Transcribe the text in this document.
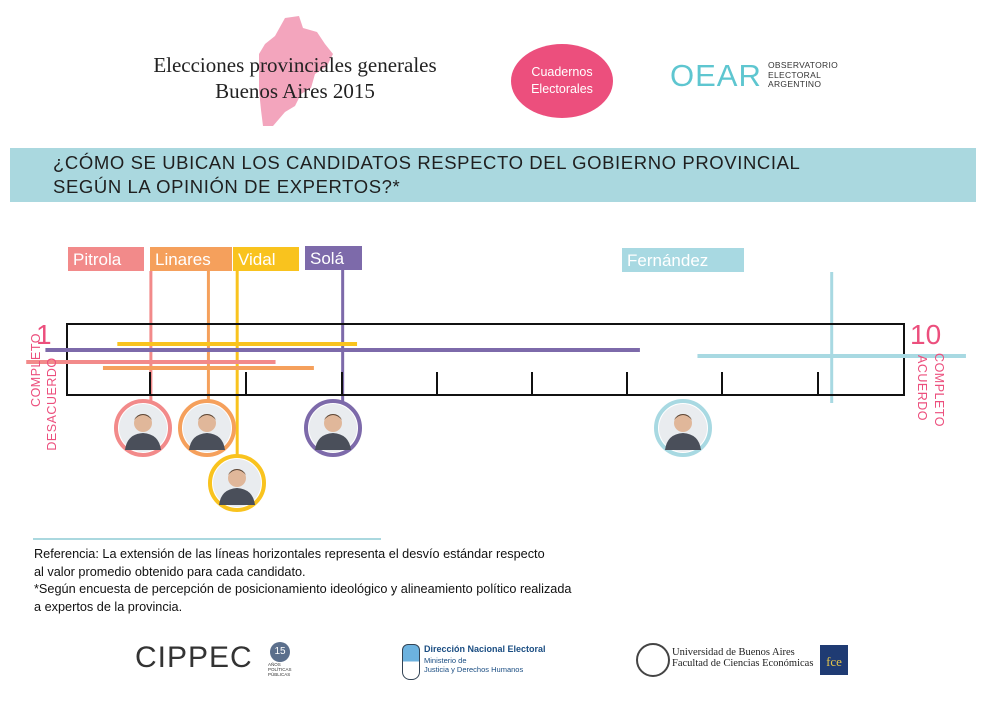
Elecciones provinciales generales
Buenos Aires 2015
Cuadernos
Electorales	OEAR OBSERVATORIO
ELECTORAL
ARGENTINO
¿CÓMO SE UBICAN LOS CANDIDATOS RESPECTO DEL GOBIERNO PROVINCIAL
SEGÚN LA OPINIÓN DE EXPERTOS?*
Pitrola Linares Vidal Solá	Fernández
1
COMPLETO DESACUERDO
10
COMPLETO
ACUERDO

Referencia: La extensión de las líneas horizontales representa el desvío estándar respecto

al valor promedio obtenido para cada candidato.

*Según encuesta de percepción de posicionamiento ideológico y alineamiento político realizada

a expertos de la provincia.

CIPPEC	15
AÑOS POLÍTICAS PÚBLICAS
Dirección Nacional Electoral
Ministerio de
Justicia y Derechos Humanos
Universidad de Buenos Aires
Facultad de Ciencias Económicas fce
